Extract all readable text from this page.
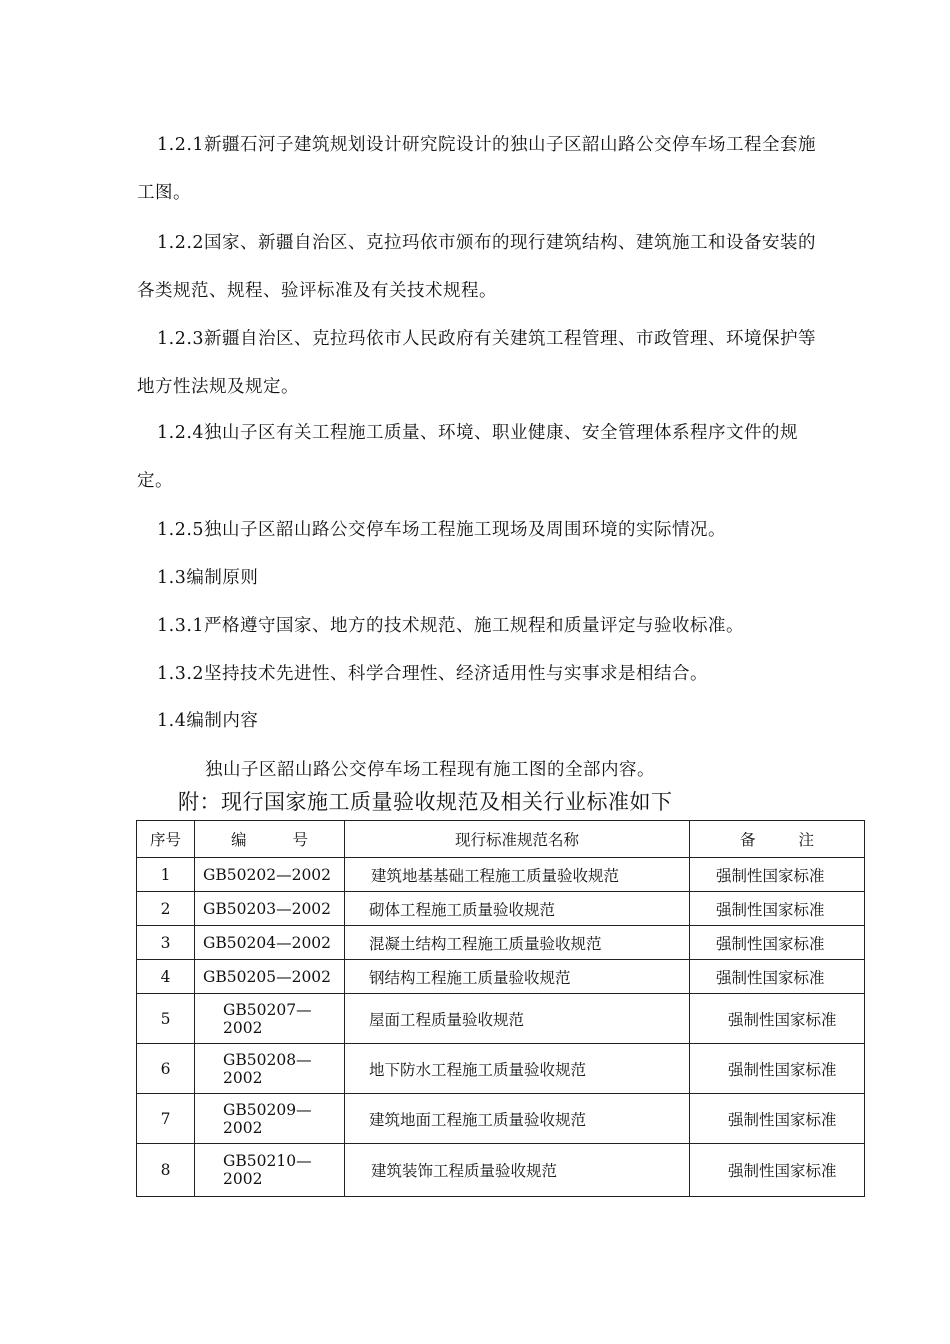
1.2.1新疆石河子建筑规划设计研究院设计的独山子区韶山路公交停车场工程全套施工图。

1.2.2国家、新疆自治区、克拉玛依市颁布的现行建筑结构、建筑施工和设备安装的各类规范、规程、验评标准及有关技术规程。

1.2.3新疆自治区、克拉玛依市人民政府有关建筑工程管理、市政管理、环境保护等地方性法规及规定。

1.2.4独山子区有关工程施工质量、环境、职业健康、安全管理体系程序文件的规定。

1.2.5独山子区韶山路公交停车场工程施工现场及周围环境的实际情况。
1.3编制原则
1.3.1严格遵守国家、地方的技术规范、施工规程和质量评定与验收标准。
1.3.2坚持技术先进性、科学合理性、经济适用性与实事求是相结合。
1.4编制内容
独山子区韶山路公交停车场工程现有施工图的全部内容。
附：现行国家施工质量验收规范及相关行业标准如下
序号	编 号	现行标准规范名称	备 注

1	GB50202—2002	建筑地基基础工程施工质量验收规范	强制性国家标准
2	GB50203—2002	砌体工程施工质量验收规范	强制性国家标准
3	GB50204—2002	混凝土结构工程施工质量验收规范	强制性国家标准
4	GB50205—2002	钢结构工程施工质量验收规范	强制性国家标准
5	GB50207—2002	屋面工程质量验收规范	强制性国家标准
6	GB50208—2002	地下防水工程施工质量验收规范	强制性国家标准
7	GB50209—2002	建筑地面工程施工质量验收规范	强制性国家标准
8	GB50210—2002	建筑装饰工程质量验收规范	强制性国家标准
